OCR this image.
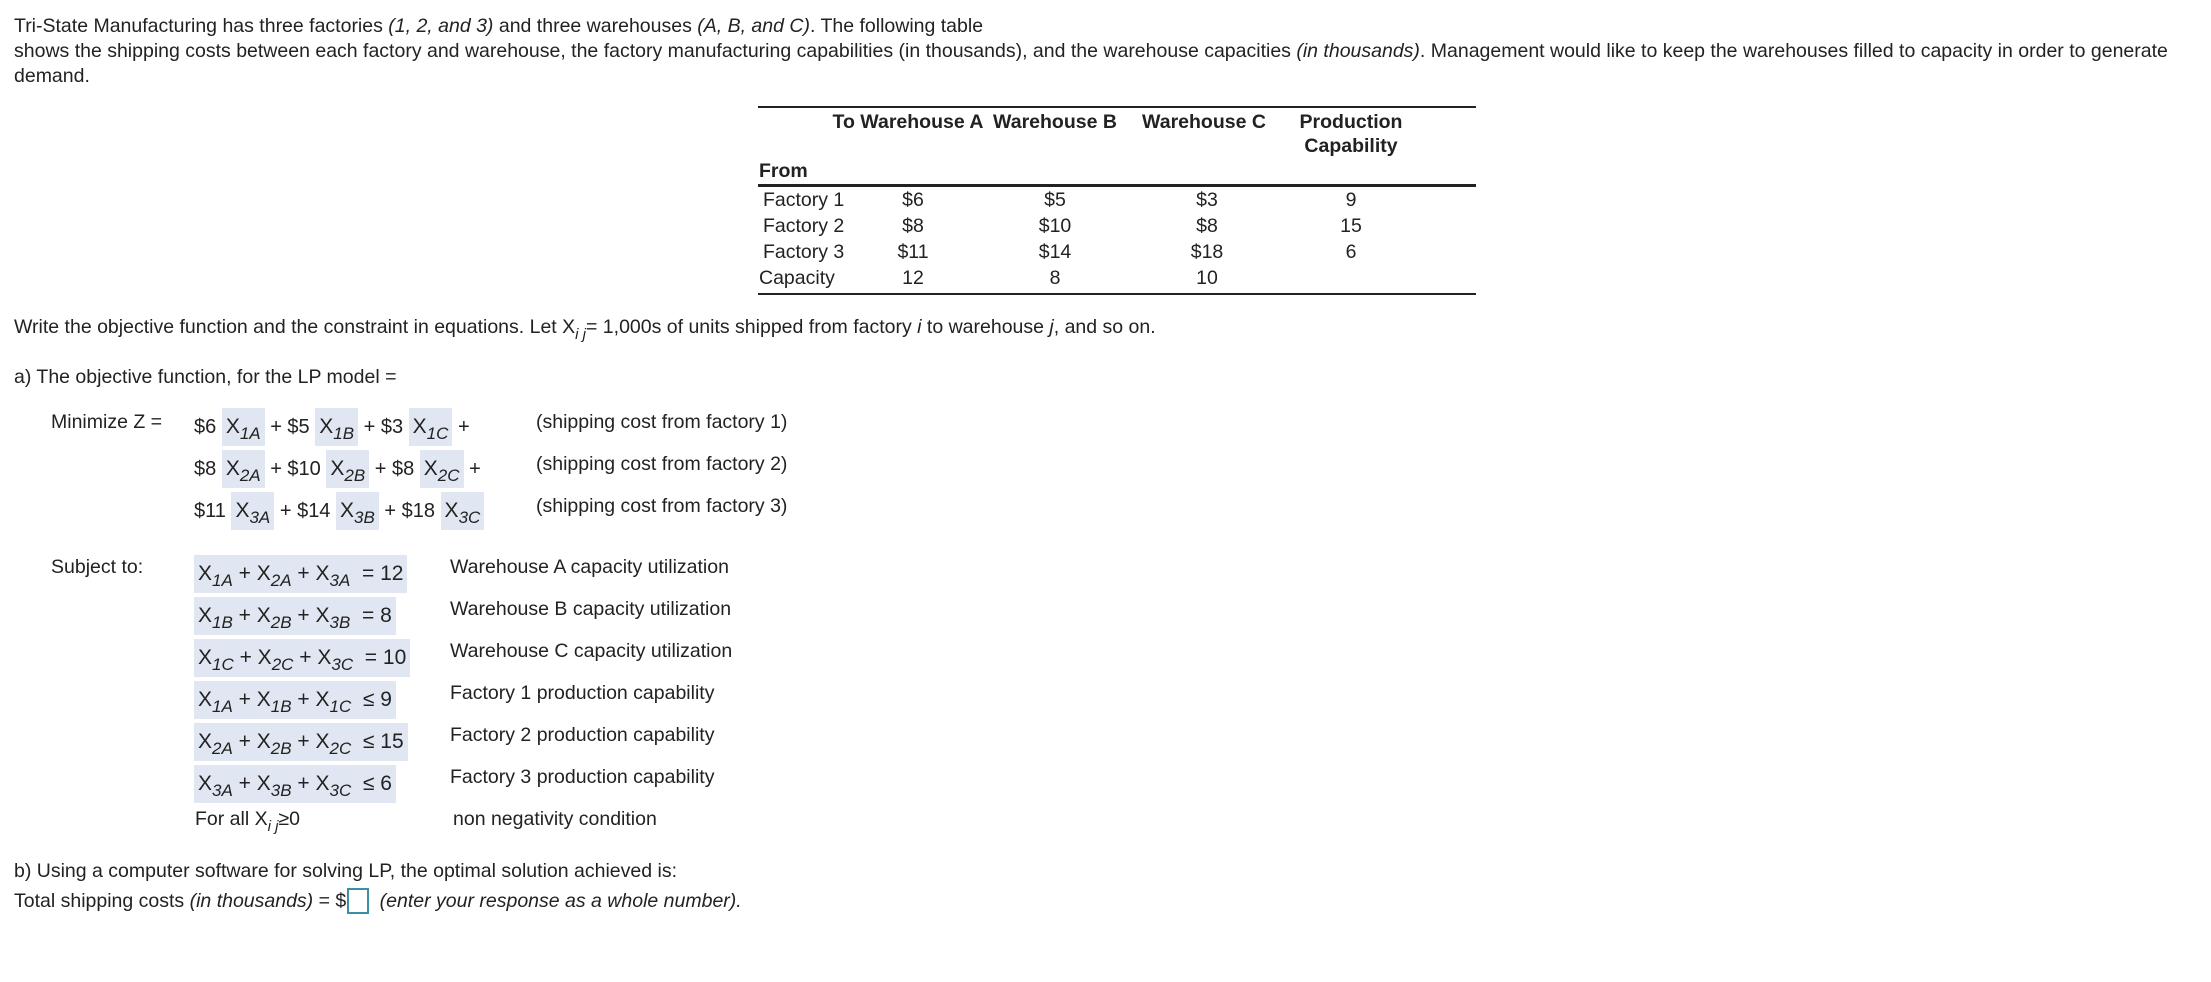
Tri-State Manufacturing has three factories (1, 2, and 3) and three warehouses (A, B, and C). The following table
shows the shipping costs between each factory and warehouse, the factory manufacturing capabilities (in thousands), and the warehouse capacities (in thousands). Management would like to keep the warehouses filled to capacity in order to generate demand.
To Warehouse A Warehouse B	Warehouse C	Production
Capability
From
Factory 1	$6	$5	$3	9
Factory 2	$8	$10	$8	15
Factory 3	$11	$14	$18	6
Capacity	12	8	10
Write the objective function and the constraint in equations. Let $X_{i j}= 1,000s$ of units shipped from factory i to warehouse j, and so on.
a) The objective function, for the LP model =
Minimize Z = $6 $X_{1A}$ + $5 $X_{1B}$ + $3 $X_{1C}$ +	(shipping cost from factory 1)
$8 $X_{2A}$ + $10 $X_{2B}$ + $8 $X_{2C}$ +	(shipping cost from factory 2)
$11 $X_{3A}$ + $14 $X_{3B}$ + $18 $X_{3C}$
(shipping cost from factory 3)
Subject to:	$X_{1A} + X_{2A} + X_{3A} = 12$ Warehouse A capacity utilization
$X_{1B} + X_{2B} + X_{3B} = 8$	Warehouse B capacity utilization
$X_{1C} + X_{2C} + X_{3C} = 10$ Warehouse C capacity utilization
$X_{1A} + X_{1B} + X_{1C} \le 9$	Factory 1 production capability
$X_{2A} + X_{2B} + X_{2C} \le 15$ Factory 2 production capability
$X_{3A} + X_{3B} + X_{3C} \le 6$	Factory 3 production capability
For all $X_{i j}\ge 0$	non negativity condition
b) Using a computer software for solving LP, the optimal solution achieved is:
Total shipping costs (in thousands) = $ (enter your response as a whole number).
